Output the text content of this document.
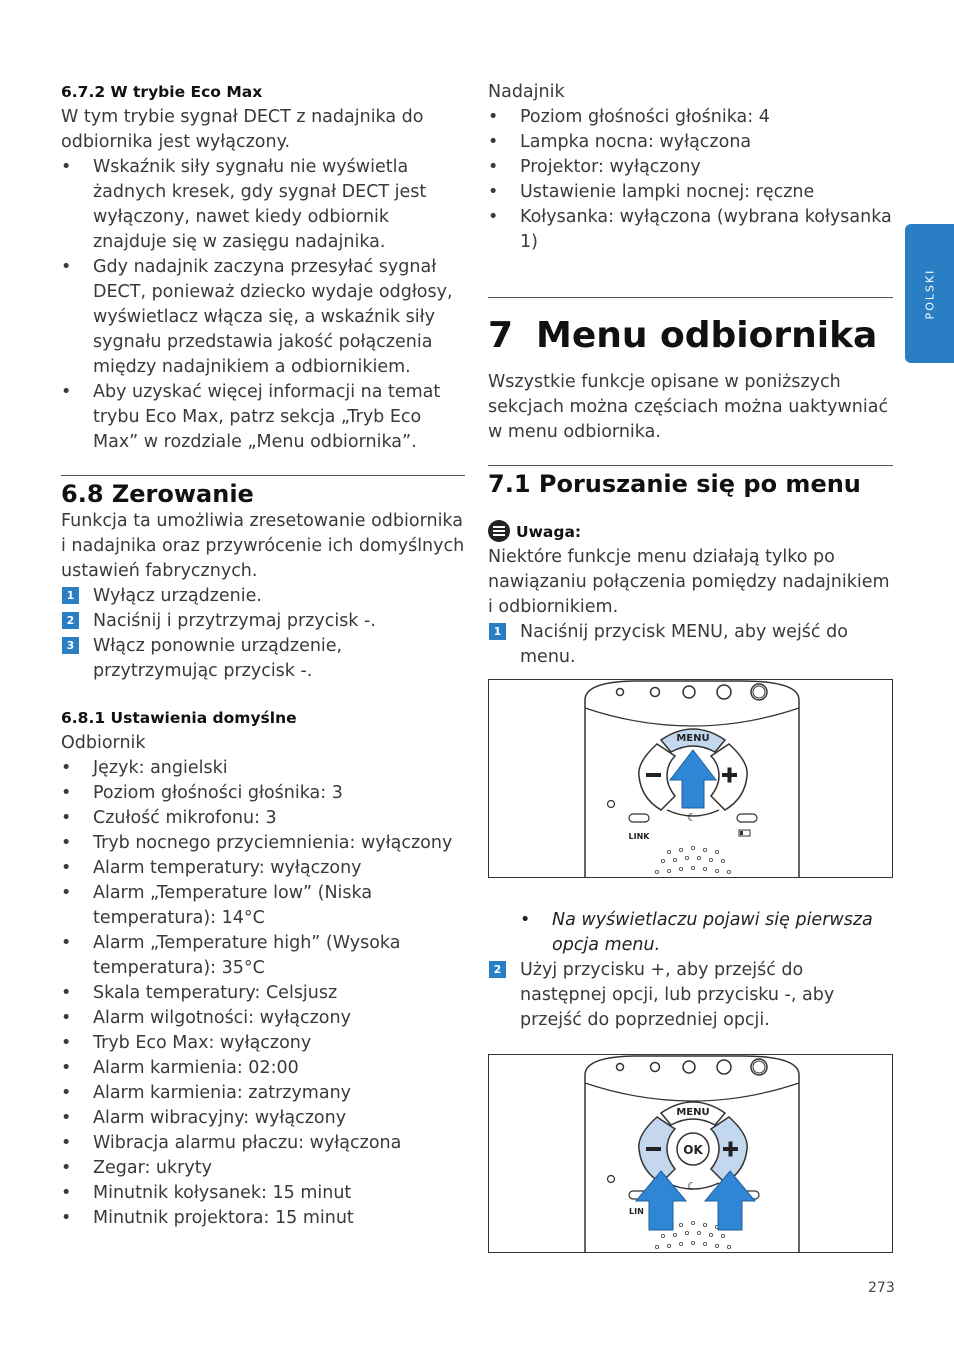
POLSKI
6.7.2 W trybie Eco Max

W tym trybie sygnał DECT z nadajnika do odbiornika jest wyłączony.

• Wskaźnik siły sygnału nie wyświetla żadnych kresek, gdy sygnał DECT jest wyłączony, nawet kiedy odbiornik znajduje się w zasięgu nadajnika.
• Gdy nadajnik zaczyna przesyłać sygnał DECT, ponieważ dziecko wydaje odgłosy, wyświetlacz włącza się, a wskaźnik siły sygnału przedstawia jakość połączenia między nadajnikiem a odbiornikiem.
• Aby uzyskać więcej informacji na temat trybu Eco Max, patrz sekcja „Tryb Eco Max” w rozdziale „Menu odbiornika”.
6.8 Zerowanie

Funkcja ta umożliwia zresetowanie odbiornika i nadajnika oraz przywrócenie ich domyślnych ustawień fabrycznych.

1 Wyłącz urządzenie.
2 Naciśnij i przytrzymaj przycisk -.
3 Włącz ponownie urządzenie, przytrzymując przycisk -.
6.8.1 Ustawienia domyślne

Odbiornik

• Język: angielski
• Poziom głośności głośnika: 3
• Czułość mikrofonu: 3
• Tryb nocnego przyciemnienia: wyłączony
• Alarm temperatury: wyłączony
• Alarm „Temperature low” (Niska temperatura): 14°C
• Alarm „Temperature high” (Wysoka temperatura): 35°C
• Skala temperatury: Celsjusz
• Alarm wilgotności: wyłączony
• Tryb Eco Max: wyłączony
• Alarm karmienia: 02:00
• Alarm karmienia: zatrzymany
• Alarm wibracyjny: wyłączony
• Wibracja alarmu płaczu: wyłączona
• Zegar: ukryty
• Minutnik kołysanek: 15 minut
• Minutnik projektora: 15 minut

Nadajnik

• Poziom głośności głośnika: 4
• Lampka nocna: wyłączona
• Projektor: wyłączony
• Ustawienie lampki nocnej: ręczne
• Kołysanka: wyłączona (wybrana kołysanka 1)
7 Menu odbiornika

Wszystkie funkcje opisane w poniższych sekcjach można częściach można uaktywniać w menu odbiornika.

7.1 Poruszanie się po menu
Uwaga:

Niektóre funkcje menu działają tylko po nawiązaniu połączenia pomiędzy nadajnikiem i odbiornikiem.

1 Naciśnij przycisk MENU, aby wejść do menu.
MENU
LINK
☾
• Na wyświetlaczu pojawi się pierwsza opcja menu.
2 Użyj przycisku +, aby przejść do następnej opcji, lub przycisku -, aby przejść do poprzedniej opcji.
MENU
OK
LIN
☾
273
